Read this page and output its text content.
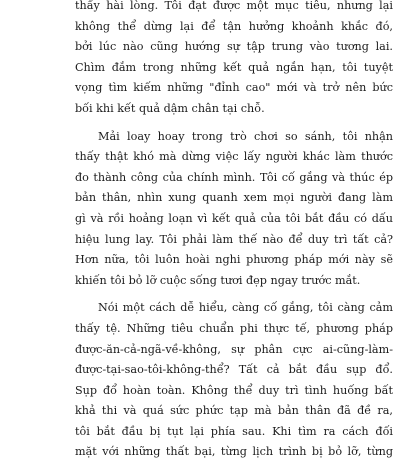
thấy hài lòng. Tôi đạt được một mục tiêu, nhưng lại
không thể dừng lại để tận hưởng khoảnh khắc đó,
bởi lúc nào cũng hướng sự tập trung vào tương lai.
Chìm đắm trong những kết quả ngắn hạn, tôi tuyệt
vọng tìm kiếm những "đỉnh cao" mới và trở nên bức
bối khi kết quả dậm chân tại chỗ.

Mải loay hoay trong trò chơi so sánh, tôi nhận
thấy thật khó mà dừng việc lấy người khác làm thước
đo thành công của chính mình. Tôi cố gắng và thúc ép
bản thân, nhìn xung quanh xem mọi người đang làm
gì và rồi hoảng loạn vì kết quả của tôi bắt đầu có dấu
hiệu lung lay. Tôi phải làm thế nào để duy trì tất cả?
Hơn nữa, tôi luôn hoài nghi phương pháp mới này sẽ
khiến tôi bỏ lỡ cuộc sống tươi đẹp ngay trước mắt.

Nói một cách dễ hiểu, càng cố gắng, tôi càng cảm
thấy tệ. Những tiêu chuẩn phi thực tế, phương pháp
được-ăn-cả-ngã-về-không, sự phân cực ai-cũng-làm-
được-tại-sao-tôi-không-thể? Tất cả bắt đầu sụp đổ.
Sụp đổ hoàn toàn. Không thể duy trì tình huống bất
khả thi và quá sức phức tạp mà bản thân đã đề ra,
tôi bắt đầu bị tụt lại phía sau. Khi tìm ra cách đối
mặt với những thất bại, từng lịch trình bị bỏ lỡ, từng
